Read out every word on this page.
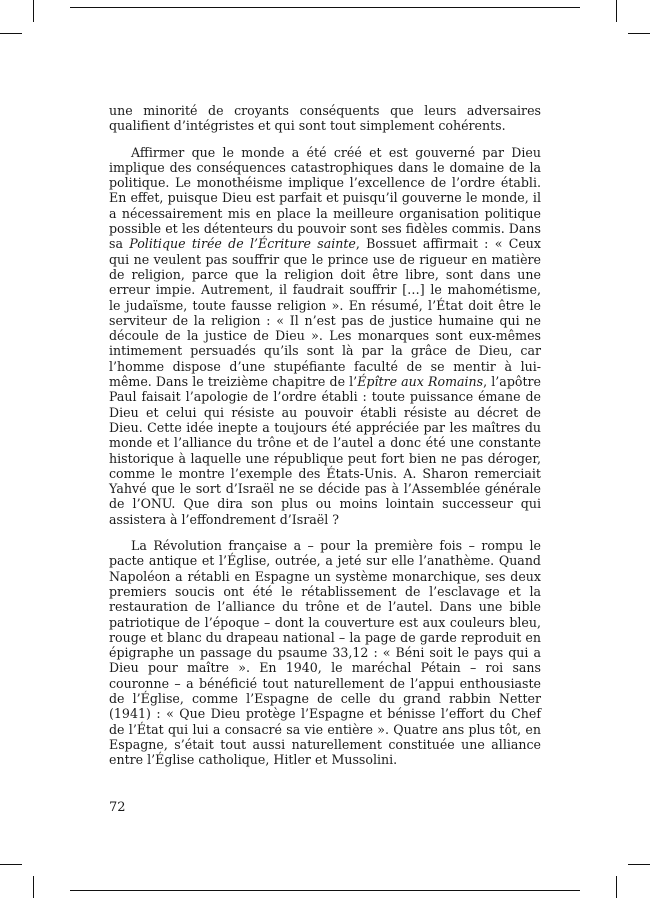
une minorité de croyants conséquents que leurs adversaires qualifient d’intégristes et qui sont tout simplement cohérents.

Affirmer que le monde a été créé et est gouverné par Dieu implique des conséquences catastrophiques dans le domaine de la politique. Le monothéisme implique l’excellence de l’ordre établi. En effet, puisque Dieu est parfait et puisqu’il gouverne le monde, il a nécessairement mis en place la meilleure organisation politique possible et les détenteurs du pouvoir sont ses fidèles commis. Dans sa Politique tirée de l’Écriture sainte, Bossuet affirmait : « Ceux qui ne veulent pas souffrir que le prince use de rigueur en matière de religion, parce que la religion doit être libre, sont dans une erreur impie. Autrement, il faudrait souffrir […] le mahométisme, le judaïsme, toute fausse religion ». En résumé, l’État doit être le serviteur de la religion : « Il n’est pas de justice humaine qui ne découle de la justice de Dieu ». Les monarques sont eux-mêmes intimement persuadés qu’ils sont là par la grâce de Dieu, car l’homme dispose d’une stupéfiante faculté de se mentir à lui-même. Dans le treizième chapitre de l’Épître aux Romains, l’apôtre Paul faisait l’apologie de l’ordre établi : toute puissance émane de Dieu et celui qui résiste au pouvoir établi résiste au décret de Dieu. Cette idée inepte a toujours été appréciée par les maîtres du monde et l’alliance du trône et de l’autel a donc été une constante historique à laquelle une république peut fort bien ne pas déroger, comme le montre l’exemple des États-Unis. A. Sharon remerciait Yahvé que le sort d’Israël ne se décide pas à l’Assemblée générale de l’ONU. Que dira son plus ou moins lointain successeur qui assistera à l’effondrement d’Israël ?

La Révolution française a – pour la première fois – rompu le pacte antique et l’Église, outrée, a jeté sur elle l’anathème. Quand Napoléon a rétabli en Espagne un système monarchique, ses deux premiers soucis ont été le rétablissement de l’esclavage et la restauration de l’alliance du trône et de l’autel. Dans une bible patriotique de l’époque – dont la couverture est aux couleurs bleu, rouge et blanc du drapeau national – la page de garde reproduit en épigraphe un passage du psaume 33,12 : « Béni soit le pays qui a Dieu pour maître ». En 1940, le maréchal Pétain – roi sans couronne – a bénéficié tout naturellement de l’appui enthousiaste de l’Église, comme l’Espagne de celle du grand rabbin Netter (1941) : « Que Dieu protège l’Espagne et bénisse l’effort du Chef de l’État qui lui a consacré sa vie entière ». Quatre ans plus tôt, en Espagne, s’était tout aussi naturellement constituée une alliance entre l’Église catholique, Hitler et Mussolini.

72
